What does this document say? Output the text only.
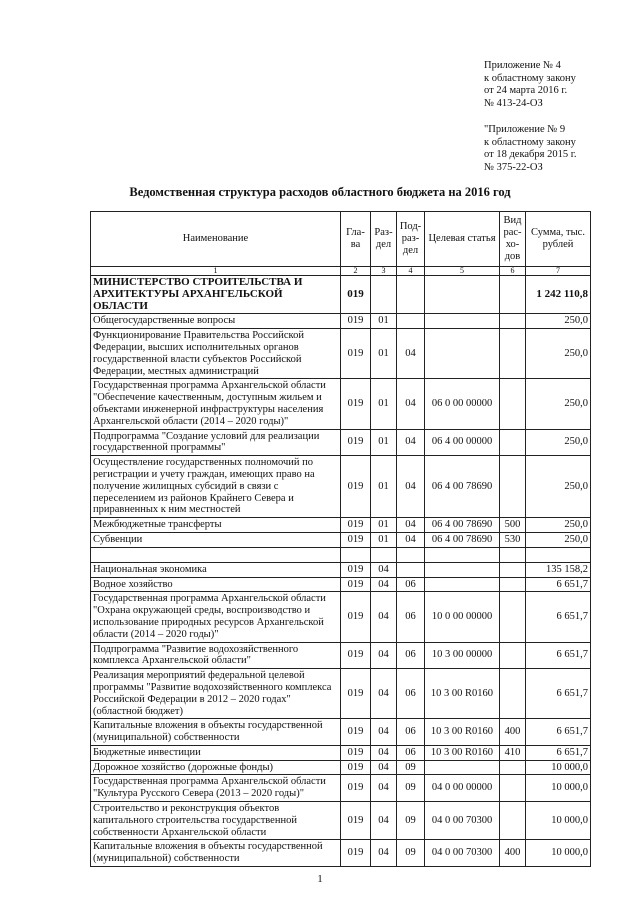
Приложение № 4
к областному закону
от 24 марта 2016 г.
№ 413-24-ОЗ
"Приложение № 9
к областному закону
от 18 декабря 2015 г.
№ 375-22-ОЗ
Ведомственная структура расходов областного бюджета на 2016 год
Наименование	Гла-ва	Раз-дел	Под-раз-дел	Целевая статья	Вид рас-хо-дов	Сумма, тыс. рублей
1	2	3	4	5	6	7
МИНИСТЕРСТВО СТРОИТЕЛЬСТВА И АРХИТЕКТУРЫ АРХАНГЕЛЬСКОЙ ОБЛАСТИ	019					1 242 110,8
Общегосударственные вопросы	019	01				250,0
Функционирование Правительства Российской Федерации, высших исполнительных органов государственной власти субъектов Российской Федерации, местных администраций	019	01	04			250,0
Государственная программа Архангельской области "Обеспечение качественным, доступным жильем и объектами инженерной инфраструктуры населения Архангельской области (2014 – 2020 годы)"	019	01	04	06 0 00 00000		250,0
Подпрограмма "Создание условий для реализации государственной программы"	019	01	04	06 4 00 00000		250,0
Осуществление государственных полномочий по регистрации и учету граждан, имеющих право на получение жилищных субсидий в связи с переселением из районов Крайнего Севера и приравненных к ним местностей	019	01	04	06 4 00 78690		250,0
Межбюджетные трансферты	019	01	04	06 4 00 78690	500	250,0
Субвенции	019	01	04	06 4 00 78690	530	250,0

Национальная экономика	019	04				135 158,2
Водное хозяйство	019	04	06			6 651,7
Государственная программа Архангельской области "Охрана окружающей среды, воспроизводство и использование природных ресурсов Архангельской области (2014 – 2020 годы)"	019	04	06	10 0 00 00000		6 651,7
Подпрограмма "Развитие водохозяйственного комплекса Архангельской области"	019	04	06	10 3 00 00000		6 651,7
Реализация мероприятий федеральной целевой программы "Развитие водохозяйственного комплекса Российской Федерации в 2012 – 2020 годах" (областной бюджет)	019	04	06	10 3 00 R0160		6 651,7
Капитальные вложения в объекты государственной (муниципальной) собственности	019	04	06	10 3 00 R0160	400	6 651,7
Бюджетные инвестиции	019	04	06	10 3 00 R0160	410	6 651,7
Дорожное хозяйство (дорожные фонды)	019	04	09			10 000,0
Государственная программа Архангельской области "Культура Русского Севера (2013 – 2020 годы)"	019	04	09	04 0 00 00000		10 000,0
Строительство и реконструкция объектов капитального строительства государственной собственности Архангельской области	019	04	09	04 0 00 70300		10 000,0
Капитальные вложения в объекты государственной (муниципальной) собственности	019	04	09	04 0 00 70300	400	10 000,0
1
